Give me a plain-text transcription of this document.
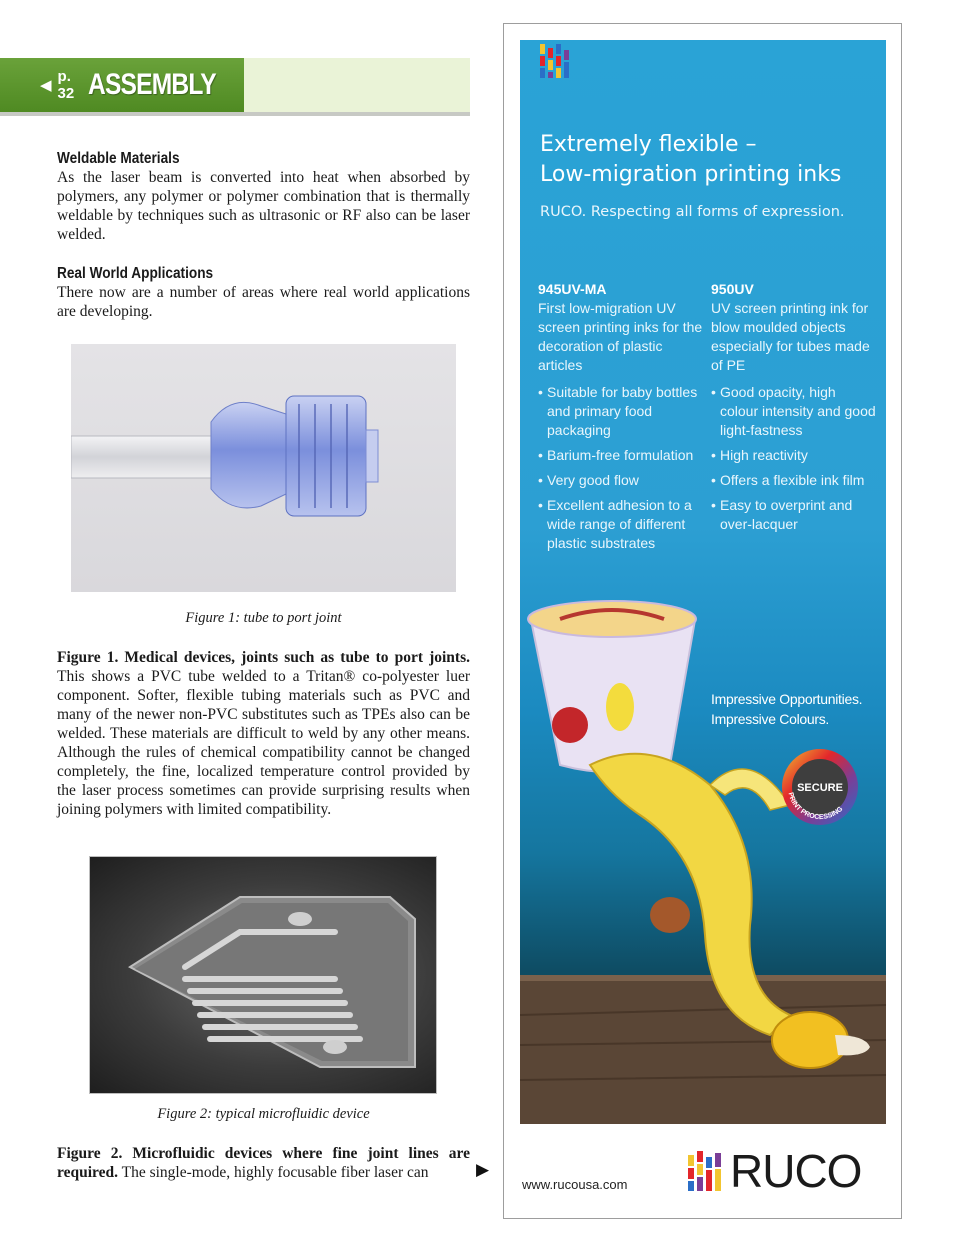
◀ p. 32 ASSEMBLY
Weldable Materials

As the laser beam is converted into heat when absorbed by polymers, any polymer or polymer combination that is thermally weldable by techniques such as ultrasonic or RF also can be laser welded.

Real World Applications

There now are a number of areas where real world applications are developing.

Figure 1: tube to port joint

Figure 1. Medical devices, joints such as tube to port joints. This shows a PVC tube welded to a Tritan® co-polyester luer component. Softer, flexible tubing materials such as PVC and many of the newer non-PVC substitutes such as TPEs also can be welded. These materials are difficult to weld by any other means. Although the rules of chemical compatibility cannot be changed completely, the fine, localized temperature control provided by the laser process sometimes can provide surprising results when joining polymers with limited compatibility.

Figure 2: typical microfluidic device

Figure 2. Microfluidic devices where fine joint lines are required. The single-mode, highly focusable fiber laser can	▶
Extremely flexible –
Low-migration printing inks
RUCO. Respecting all forms of expression.
945UV-MA
First low-migration UV screen printing inks for the decoration of plastic articles
• Suitable for baby bottles and primary food packaging
• Barium-free formulation
• Very good flow
• Excellent adhesion to a wide range of different plastic substrates
950UV
UV screen printing ink for blow moulded objects especially for tubes made of PE
• Good opacity, high colour intensity and good light-fastness
• High reactivity
• Offers a flexible ink film
• Easy to overprint and over-lacquer
Impressive Opportunities.
Impressive Colours.
SECURE
PRINT PROCESSING
www.rucousa.com RUCO
